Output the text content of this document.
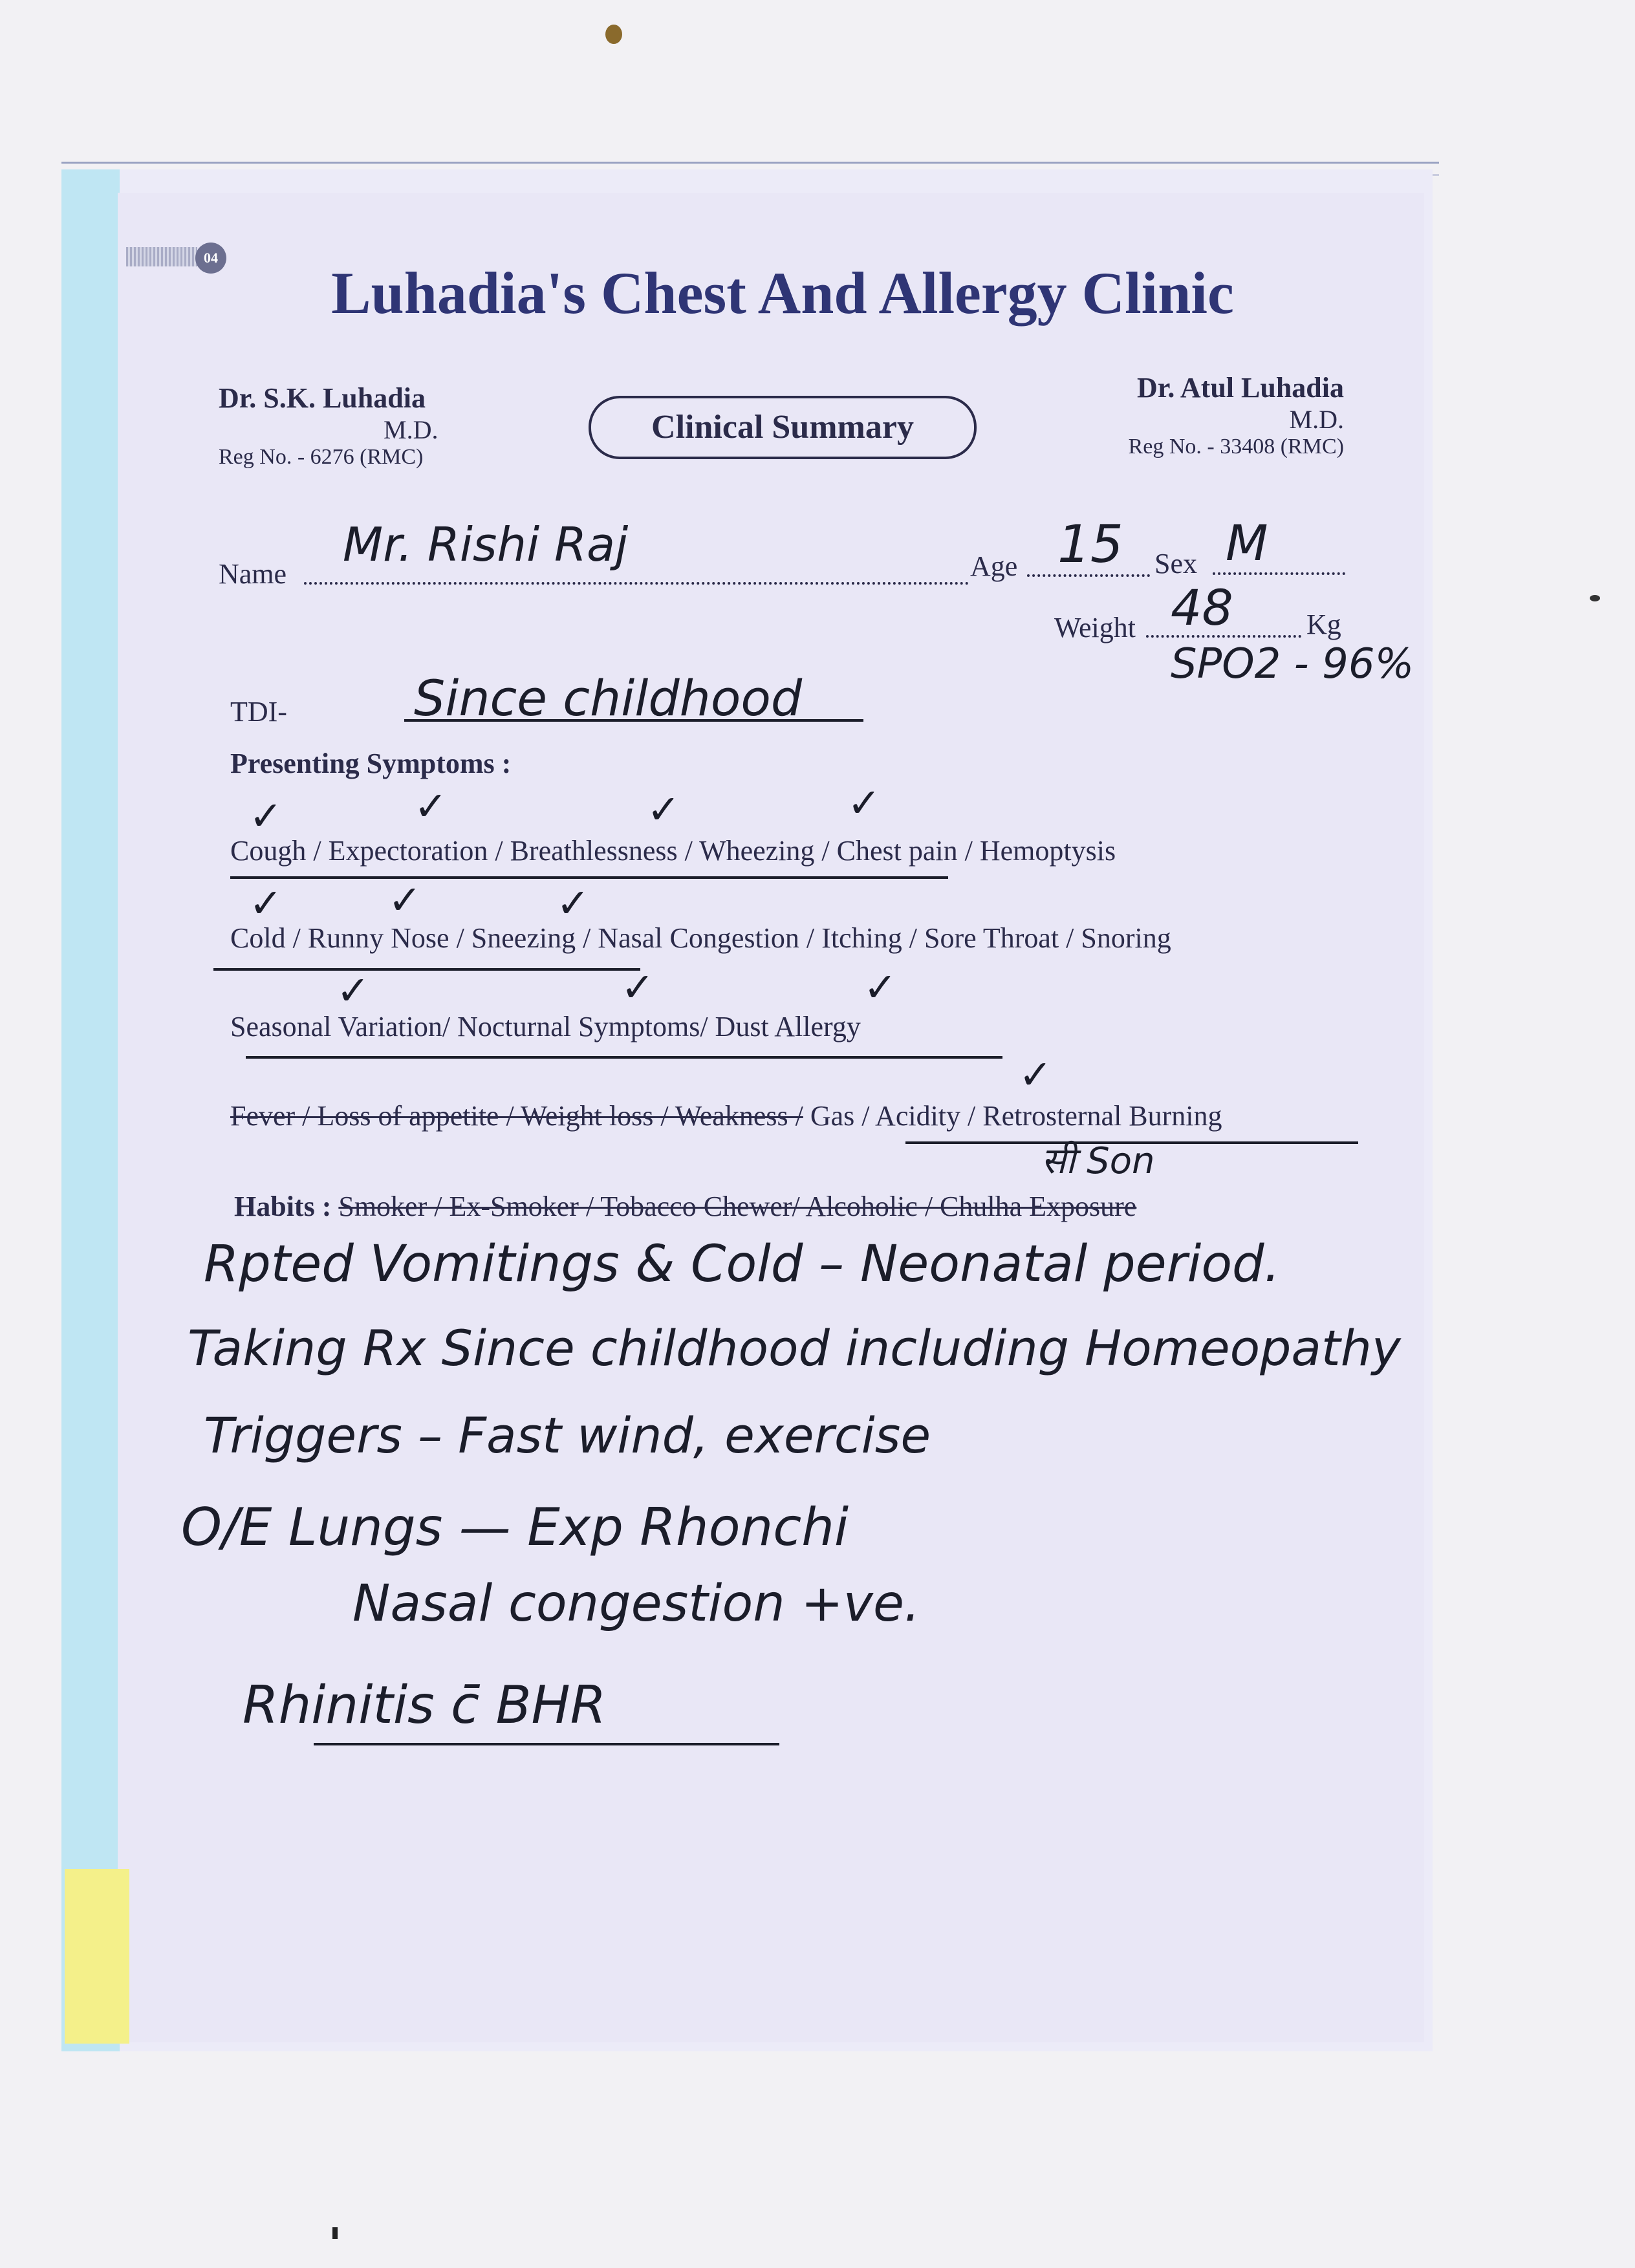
04
Luhadia's Chest And Allergy Clinic
Dr. S.K. Luhadia
M.D.
Reg No. - 6276 (RMC)
Clinical Summary
Dr. Atul Luhadia
M.D.
Reg No. - 33408 (RMC)
Name
Mr. Rishi Raj	Age 15 Sex M
Weight 48	Kg
SPO2 - 96%
TDI-	Since childhood
Presenting Symptoms :
✓	✓	✓	✓
Cough / Expectoration / Breathlessness / Wheezing / Chest pain / Hemoptysis
✓	✓	✓
Cold / Runny Nose / Sneezing / Nasal Congestion / Itching / Sore Throat / Snoring
✓	✓	✓
Seasonal Variation/ Nocturnal Symptoms/ Dust Allergy
✓
Fever / Loss of appetite / Weight loss / Weakness / Gas / Acidity / Retrosternal Burning
सी Son
Habits : Smoker / Ex-Smoker / Tobacco Chewer/ Alcoholic / Chulha Exposure
Rpted Vomitings & Cold – Neonatal period.
Taking Rx Since childhood including Homeopathy
Triggers – Fast wind, exercise
O/E Lungs — Exp Rhonchi
Nasal congestion +ve.
Rhinitis c̄ BHR
